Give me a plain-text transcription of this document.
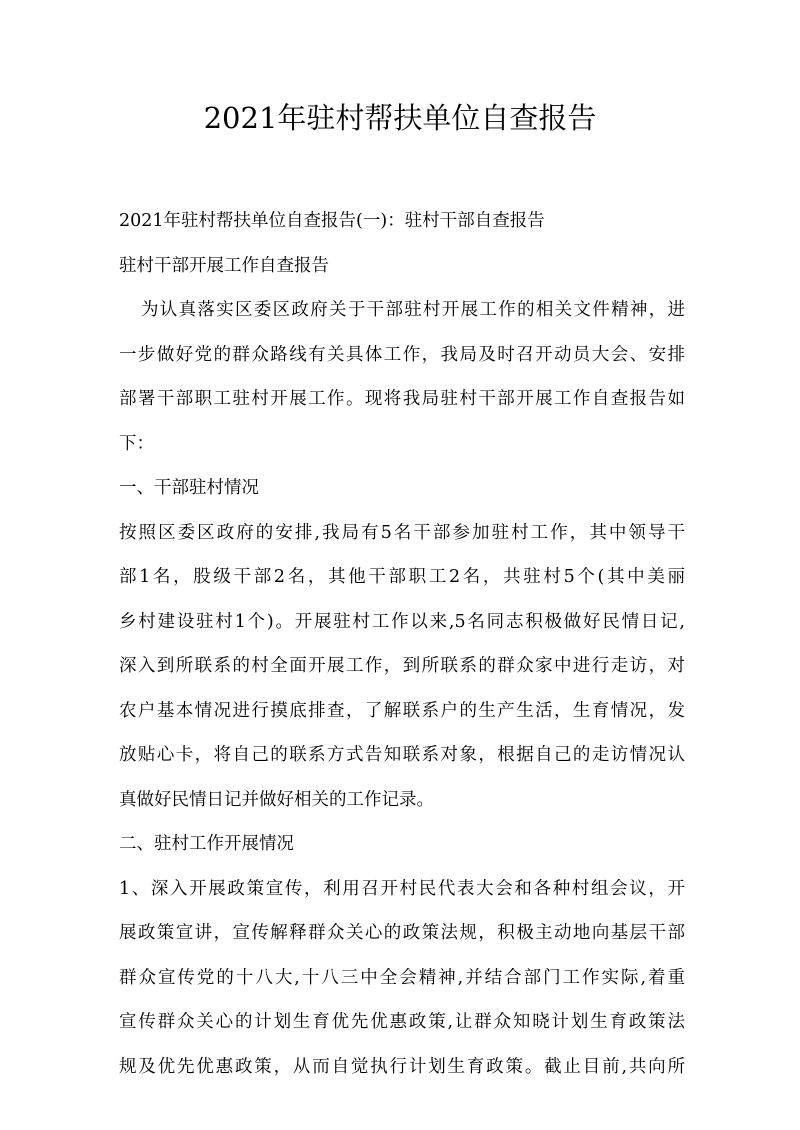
2021年驻村帮扶单位自查报告
2021年驻村帮扶单位自查报告(一)：驻村干部自查报告
驻村干部开展工作自查报告
为认真落实区委区政府关于干部驻村开展工作的相关文件精神，进
一步做好党的群众路线有关具体工作，我局及时召开动员大会、安排
部署干部职工驻村开展工作。现将我局驻村干部开展工作自查报告如
下：
一、干部驻村情况
按照区委区政府的安排,我局有5名干部参加驻村工作，其中领导干
部1名，股级干部2名，其他干部职工2名，共驻村5个(其中美丽
乡村建设驻村1个)。开展驻村工作以来,5名同志积极做好民情日记,
深入到所联系的村全面开展工作，到所联系的群众家中进行走访，对
农户基本情况进行摸底排查，了解联系户的生产生活，生育情况，发
放贴心卡，将自己的联系方式告知联系对象，根据自己的走访情况认
真做好民情日记并做好相关的工作记录。
二、驻村工作开展情况
1、深入开展政策宣传，利用召开村民代表大会和各种村组会议，开
展政策宣讲，宣传解释群众关心的政策法规，积极主动地向基层干部
群众宣传党的十八大,十八三中全会精神,并结合部门工作实际,着重
宣传群众关心的计划生育优先优惠政策,让群众知晓计划生育政策法
规及优先优惠政策，从而自觉执行计划生育政策。截止目前,共向所
